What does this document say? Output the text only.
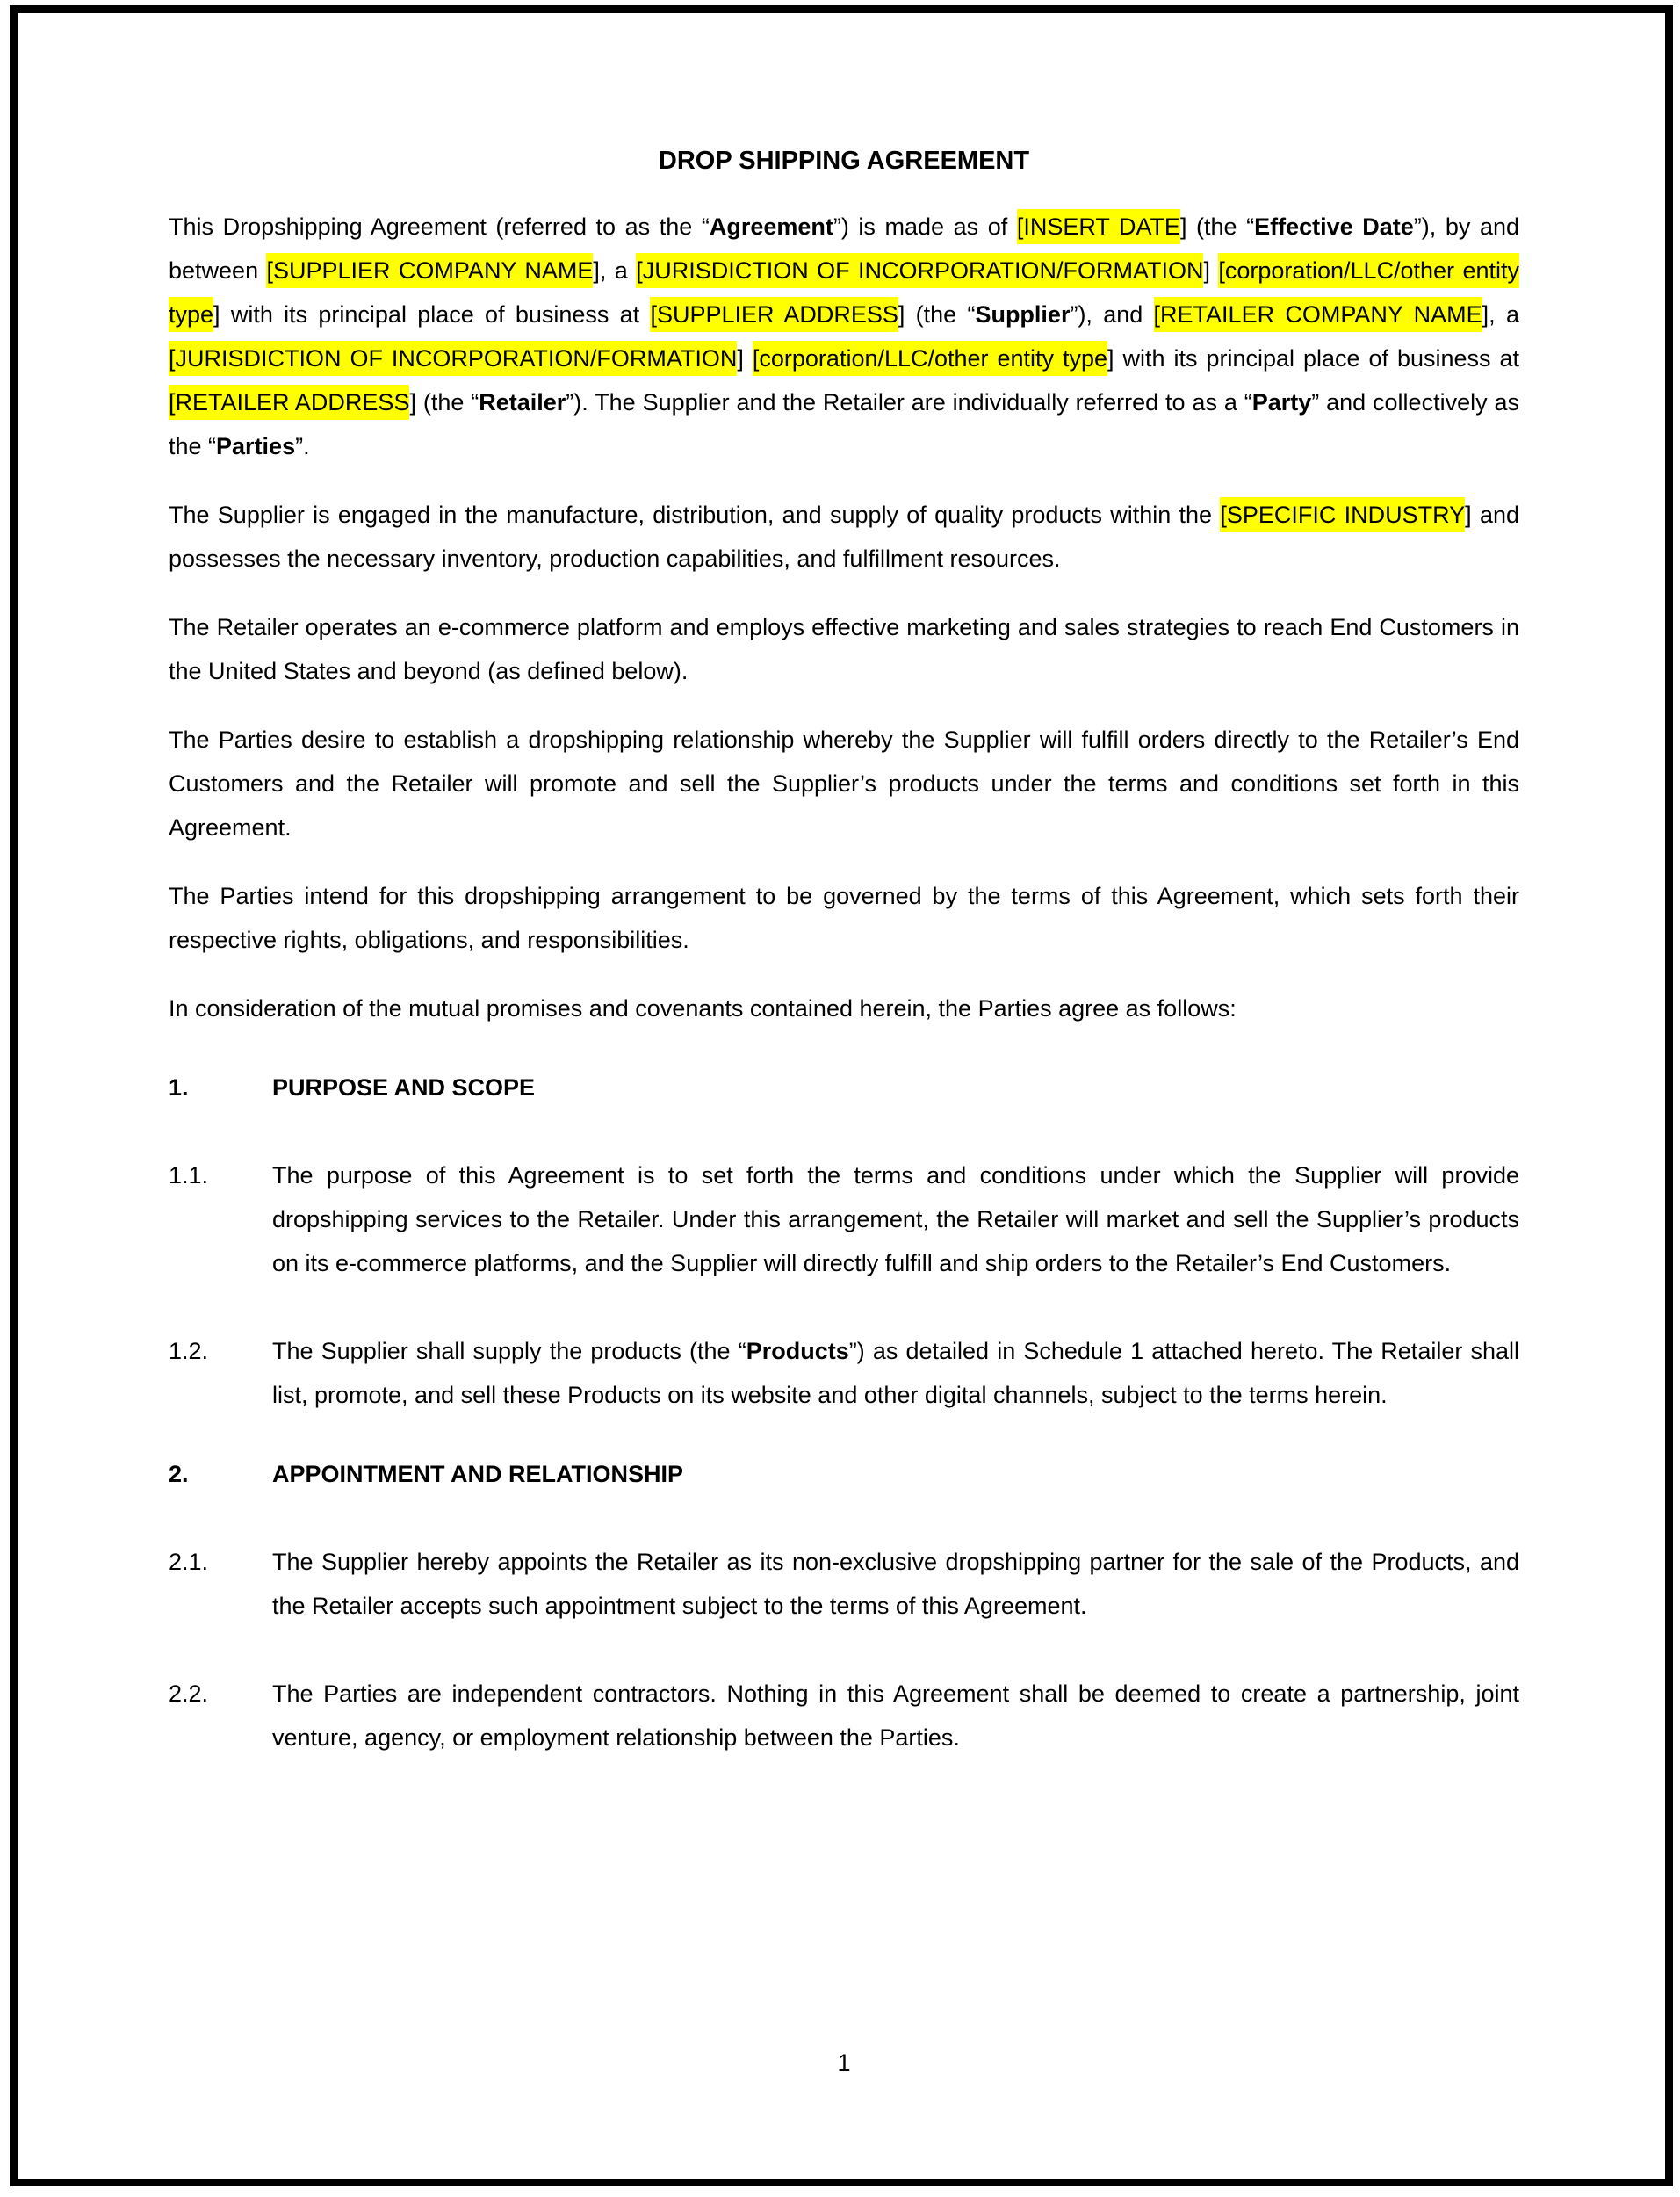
DROP SHIPPING AGREEMENT

This Dropshipping Agreement (referred to as the “Agreement”) is made as of [INSERT DATE] (the “Effective Date”), by and between [SUPPLIER COMPANY NAME], a [JURISDICTION OF INCORPORATION/FORMATION] [corporation/LLC/other entity type] with its principal place of business at [SUPPLIER ADDRESS] (the “Supplier”), and [RETAILER COMPANY NAME], a [JURISDICTION OF INCORPORATION/FORMATION] [corporation/LLC/other entity type] with its principal place of business at [RETAILER ADDRESS] (the “Retailer”). The Supplier and the Retailer are individually referred to as a “Party” and collectively as the “Parties”.

The Supplier is engaged in the manufacture, distribution, and supply of quality products within the [SPECIFIC INDUSTRY] and possesses the necessary inventory, production capabilities, and fulfillment resources.

The Retailer operates an e-commerce platform and employs effective marketing and sales strategies to reach End Customers in the United States and beyond (as defined below).

The Parties desire to establish a dropshipping relationship whereby the Supplier will fulfill orders directly to the Retailer’s End Customers and the Retailer will promote and sell the Supplier’s products under the terms and conditions set forth in this Agreement.

The Parties intend for this dropshipping arrangement to be governed by the terms of this Agreement, which sets forth their respective rights, obligations, and responsibilities.

In consideration of the mutual promises and covenants contained herein, the Parties agree as follows:

1.	PURPOSE AND SCOPE
1.1.	The purpose of this Agreement is to set forth the terms and conditions under which the Supplier will provide dropshipping services to the Retailer. Under this arrangement, the Retailer will market and sell the Supplier’s products on its e-commerce platforms, and the Supplier will directly fulfill and ship orders to the Retailer’s End Customers.
1.2.	The Supplier shall supply the products (the “Products”) as detailed in Schedule 1 attached hereto. The Retailer shall list, promote, and sell these Products on its website and other digital channels, subject to the terms herein.
2.	APPOINTMENT AND RELATIONSHIP
2.1.	The Supplier hereby appoints the Retailer as its non-exclusive dropshipping partner for the sale of the Products, and the Retailer accepts such appointment subject to the terms of this Agreement.
2.2.	The Parties are independent contractors. Nothing in this Agreement shall be deemed to create a partnership, joint venture, agency, or employment relationship between the Parties.
1
